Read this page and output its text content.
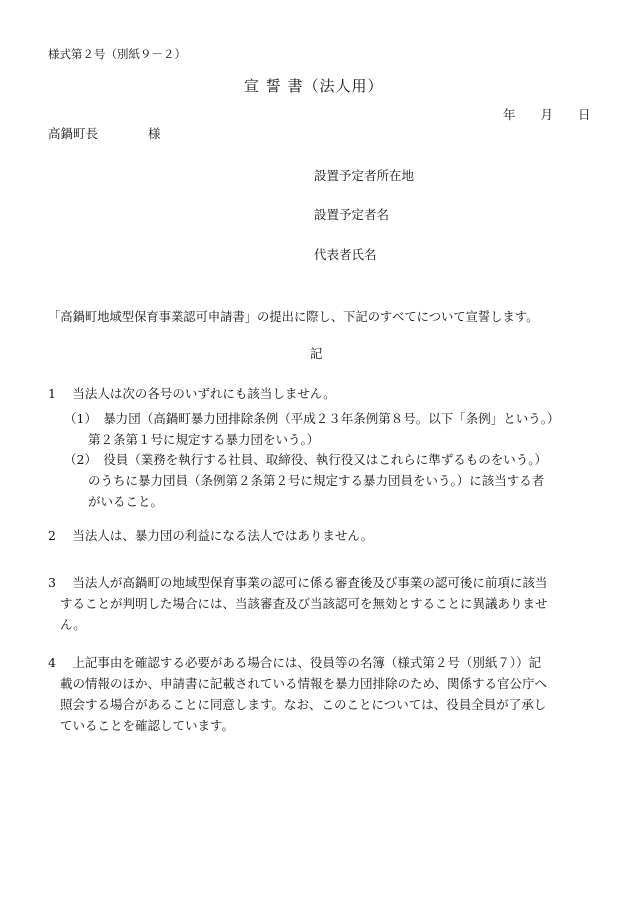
様式第２号（別紙９－２）
宣 誓 書（法人用）
年　　月　　日
高鍋町長　　　　様
設置予定者所在地
設置予定者名
代表者氏名
「高鍋町地域型保育事業認可申請書」の提出に際し、下記のすべてについて宣誓します。
記
1　 当法人は次の各号のいずれにも該当しません。
（1）　暴力団（高鍋町暴力団排除条例（平成２３年条例第８号。以下「条例」という。）
第２条第１号に規定する暴力団をいう。）
（2）　役員（業務を執行する社員、取締役、執行役又はこれらに準ずるものをいう。）
のうちに暴力団員（条例第２条第２号に規定する暴力団員をいう。）に該当する者
がいること。
2　 当法人は、暴力団の利益になる法人ではありません。
3　 当法人が高鍋町の地域型保育事業の認可に係る審査後及び事業の認可後に前項に該当
することが判明した場合には、当該審査及び当該認可を無効とすることに異議ありませ
ん。
4　 上記事由を確認する必要がある場合には、役員等の名簿（様式第２号（別紙７））記
載の情報のほか、申請書に記載されている情報を暴力団排除のため、関係する官公庁へ
照会する場合があることに同意します。なお、このことについては、役員全員が了承し
ていることを確認しています。
